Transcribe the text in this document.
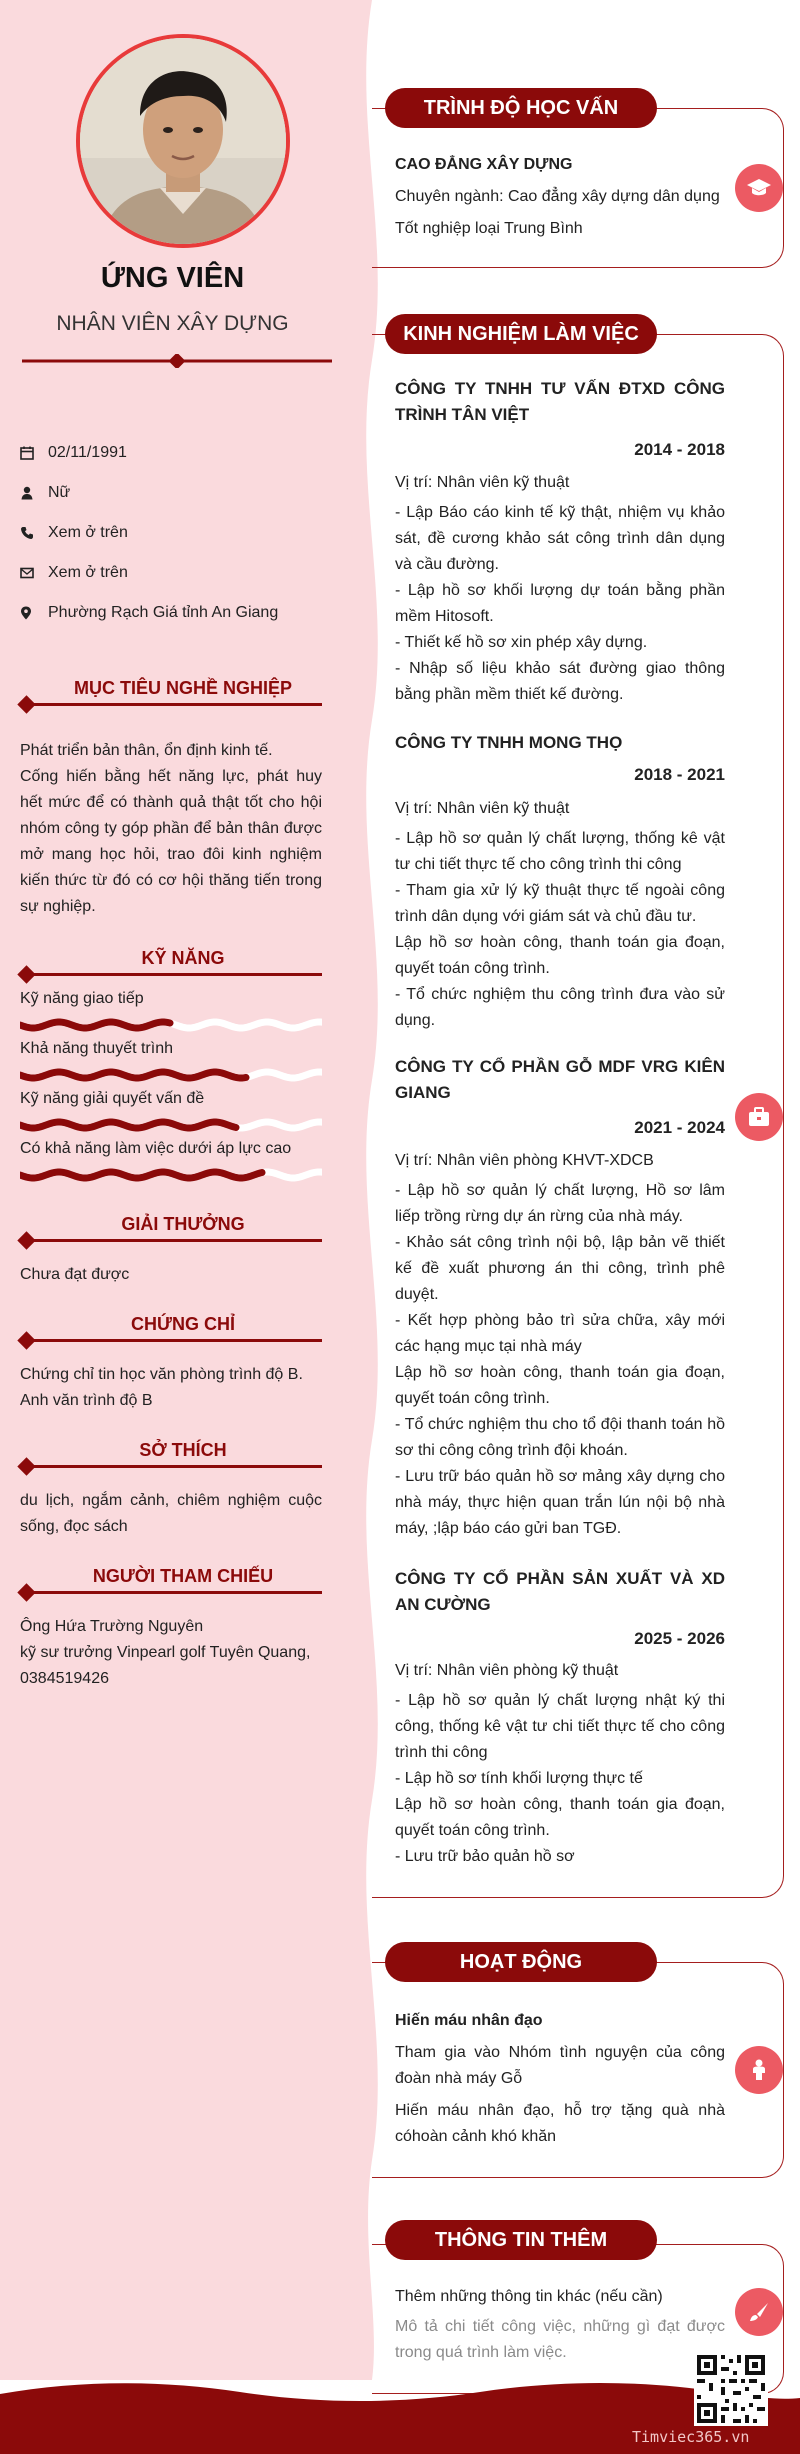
ỨNG VIÊN
NHÂN VIÊN XÂY DỰNG
02/11/1991
Nữ
Xem ở trên
Xem ở trên
Phường Rạch Giá tỉnh An Giang
MỤC TIÊU NGHỀ NGHIỆP
Phát triển bản thân, ổn định kinh tế.
Cống hiến bằng hết năng lực, phát huy hết mức để có thành quả thật tốt cho hội nhóm công ty góp phần để bản thân được mở mang học hỏi, trao đôi kinh nghiệm kiến thức từ đó có cơ hội thăng tiến trong sự nghiệp.
KỸ NĂNG
Kỹ năng giao tiếp
Khả năng thuyết trình
Kỹ năng giải quyết vấn đề
Có khả năng làm việc dưới áp lực cao
GIẢI THƯỞNG
Chưa đạt được
CHỨNG CHỈ
Chứng chỉ tin học văn phòng trình độ B.
Anh văn trình độ B
SỞ THÍCH
du lịch, ngắm cảnh, chiêm nghiệm cuộc sống, đọc sách
NGƯỜI THAM CHIẾU
Ông Hứa Trường Nguyên
kỹ sư trưởng Vinpearl golf Tuyên Quang,
0384519426
TRÌNH ĐỘ HỌC VẤN
CAO ĐẲNG XÂY DỰNG
Chuyên ngành: Cao đẳng xây dựng dân dụng
Tốt nghiệp loại Trung Bình
KINH NGHIỆM LÀM VIỆC
CÔNG TY TNHH TƯ VẤN ĐTXD CÔNG TRÌNH TÂN VIỆT
2014 - 2018
Vị trí: Nhân viên kỹ thuật
- Lập Báo cáo kinh tế kỹ thật, nhiệm vụ khảo sát, đề cương khảo sát công trình dân dụng và cầu đường.
- Lập hồ sơ khối lượng dự toán bằng phần mềm Hitosoft.
- Thiết kế hồ sơ xin phép xây dựng.
- Nhập số liệu khảo sát đường giao thông bằng phần mềm thiết kế đường.
CÔNG TY TNHH MONG THỌ
2018 - 2021
Vị trí: Nhân viên kỹ thuật
- Lập hồ sơ quản lý chất lượng, thống kê vật tư chi tiết thực tế cho công trình thi công
- Tham gia xử lý kỹ thuật thực tế ngoài công trình dân dụng với giám sát và chủ đầu tư.
Lập hồ sơ hoàn công, thanh toán gia đoạn, quyết toán công trình.
- Tổ chức nghiệm thu công trình đưa vào sử dụng.
CÔNG TY CỔ PHẦN GỖ MDF VRG KIÊN GIANG
2021 - 2024
Vị trí: Nhân viên phòng KHVT-XDCB
- Lập hồ sơ quản lý chất lượng, Hồ sơ lâm liếp trồng rừng dự án rừng của nhà máy.
- Khảo sát công trình nội bộ, lập bản vẽ thiết kế đề xuất phương án thi công, trình phê duyệt.
- Kết hợp phòng bảo trì sửa chữa, xây mới các hạng mục tại nhà máy
Lập hồ sơ hoàn công, thanh toán gia đoạn, quyết toán công trình.
- Tổ chức nghiệm thu cho tổ đội thanh toán hồ sơ thi công công trình đội khoán.
- Lưu trữ báo quản hồ sơ mảng xây dựng cho nhà máy, thực hiện quan trắn lún nội bộ nhà máy, ;lập báo cáo gửi ban TGĐ.
CÔNG TY CỔ PHẦN SẢN XUẤT VÀ XD AN CƯỜNG
2025 - 2026
Vị trí: Nhân viên phòng kỹ thuật
- Lập hồ sơ quản lý chất lượng nhật ký thi công, thống kê vật tư chi tiết thực tế cho công trình thi công
- Lập hồ sơ tính khối lượng thực tế
Lập hồ sơ hoàn công, thanh toán gia đoạn, quyết toán công trình.
- Lưu trữ bảo quản hồ sơ
HOẠT ĐỘNG
Hiến máu nhân đạo
Tham gia vào Nhóm tình nguyện của công đoàn nhà máy Gỗ
Hiến máu nhân đạo, hỗ trợ tặng quà nhà cóhoàn cảnh khó khăn
THÔNG TIN THÊM
Thêm những thông tin khác (nếu cần)
Mô tả chi tiết công việc, những gì đạt được trong quá trình làm việc.
Timviec365.vn
